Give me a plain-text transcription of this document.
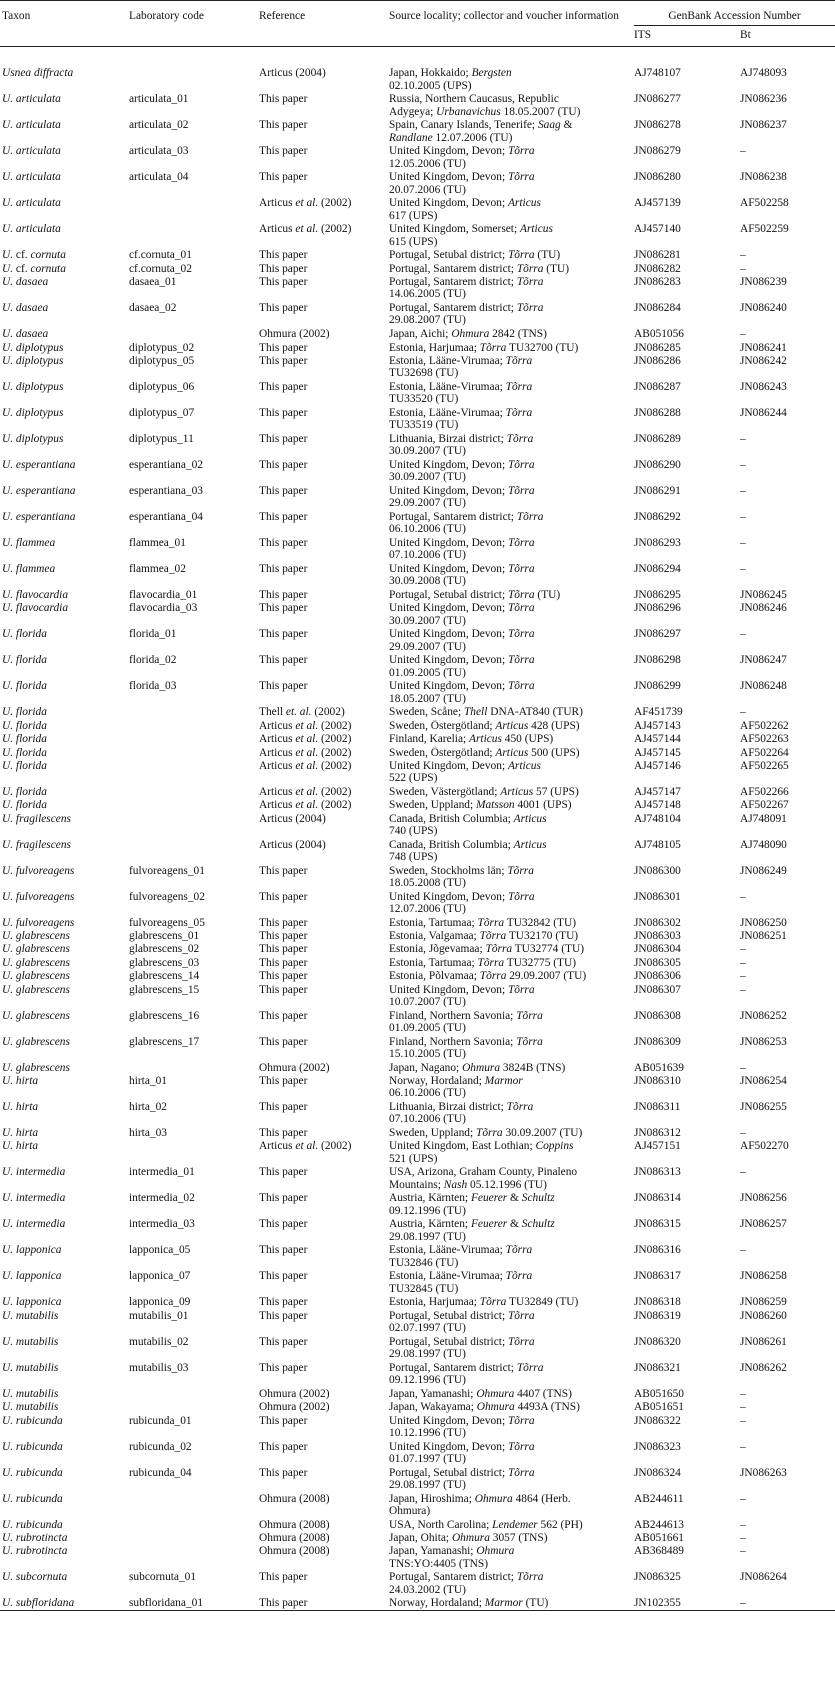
Taxon	Laboratory code	Reference	Source locality; collector and voucher information	GenBank Accession Number	
				ITS	Bt

Usnea diffracta		Articus (2004)	Japan, Hokkaido; Bergsten
02.10.2005 (UPS)	AJ748107	AJ748093
U. articulata	articulata_01	This paper	Russia, Northern Caucasus, Republic
Adygeya; Urbanavichus 18.05.2007 (TU)	JN086277	JN086236
U. articulata	articulata_02	This paper	Spain, Canary Islands, Tenerife; Saag &
Randlane 12.07.2006 (TU)	JN086278	JN086237
U. articulata	articulata_03	This paper	United Kingdom, Devon; Tõrra
12.05.2006 (TU)	JN086279	–
U. articulata	articulata_04	This paper	United Kingdom, Devon; Tõrra
20.07.2006 (TU)	JN086280	JN086238
U. articulata		Articus et al. (2002)	United Kingdom, Devon; Articus
617 (UPS)	AJ457139	AF502258
U. articulata		Articus et al. (2002)	United Kingdom, Somerset; Articus
615 (UPS)	AJ457140	AF502259
U. cf. cornuta	cf.cornuta_01	This paper	Portugal, Setubal district; Tõrra (TU)	JN086281	–
U. cf. cornuta	cf.cornuta_02	This paper	Portugal, Santarem district; Tõrra (TU)	JN086282	–
U. dasaea	dasaea_01	This paper	Portugal, Santarem district; Tõrra
14.06.2005 (TU)	JN086283	JN086239
U. dasaea	dasaea_02	This paper	Portugal, Santarem district; Tõrra
29.08.2007 (TU)	JN086284	JN086240
U. dasaea		Ohmura (2002)	Japan, Aichi; Ohmura 2842 (TNS)	AB051056	–
U. diplotypus	diplotypus_02	This paper	Estonia, Harjumaa; Tõrra TU32700 (TU)	JN086285	JN086241
U. diplotypus	diplotypus_05	This paper	Estonia, Lääne-Virumaa; Tõrra
TU32698 (TU)	JN086286	JN086242
U. diplotypus	diplotypus_06	This paper	Estonia, Lääne-Virumaa; Tõrra
TU33520 (TU)	JN086287	JN086243
U. diplotypus	diplotypus_07	This paper	Estonia, Lääne-Virumaa; Tõrra
TU33519 (TU)	JN086288	JN086244
U. diplotypus	diplotypus_11	This paper	Lithuania, Birzai district; Tõrra
30.09.2007 (TU)	JN086289	–
U. esperantiana	esperantiana_02	This paper	United Kingdom, Devon; Tõrra
30.09.2007 (TU)	JN086290	–
U. esperantiana	esperantiana_03	This paper	United Kingdom, Devon; Tõrra
29.09.2007 (TU)	JN086291	–
U. esperantiana	esperantiana_04	This paper	Portugal, Santarem district; Tõrra
06.10.2006 (TU)	JN086292	–
U. flammea	flammea_01	This paper	United Kingdom, Devon; Tõrra
07.10.2006 (TU)	JN086293	–
U. flammea	flammea_02	This paper	United Kingdom, Devon; Tõrra
30.09.2008 (TU)	JN086294	–
U. flavocardia	flavocardia_01	This paper	Portugal, Setubal district; Tõrra (TU)	JN086295	JN086245
U. flavocardia	flavocardia_03	This paper	United Kingdom, Devon; Tõrra
30.09.2007 (TU)	JN086296	JN086246
U. florida	florida_01	This paper	United Kingdom, Devon; Tõrra
29.09.2007 (TU)	JN086297	–
U. florida	florida_02	This paper	United Kingdom, Devon; Tõrra
01.09.2005 (TU)	JN086298	JN086247
U. florida	florida_03	This paper	United Kingdom, Devon; Tõrra
18.05.2007 (TU)	JN086299	JN086248
U. florida		Thell et. al. (2002)	Sweden, Scåne; Thell DNA-AT840 (TUR)	AF451739	–
U. florida		Articus et al. (2002)	Sweden, Östergötland; Articus 428 (UPS)	AJ457143	AF502262
U. florida		Articus et al. (2002)	Finland, Karelia; Articus 450 (UPS)	AJ457144	AF502263
U. florida		Articus et al. (2002)	Sweden, Östergötland; Articus 500 (UPS)	AJ457145	AF502264
U. florida		Articus et al. (2002)	United Kingdom, Devon; Articus
522 (UPS)	AJ457146	AF502265
U. florida		Articus et al. (2002)	Sweden, Västergötland; Articus 57 (UPS)	AJ457147	AF502266
U. florida		Articus et al. (2002)	Sweden, Uppland; Matsson 4001 (UPS)	AJ457148	AF502267
U. fragilescens		Articus (2004)	Canada, British Columbia; Articus
740 (UPS)	AJ748104	AJ748091
U. fragilescens		Articus (2004)	Canada, British Columbia; Articus
748 (UPS)	AJ748105	AJ748090
U. fulvoreagens	fulvoreagens_01	This paper	Sweden, Stockholms län; Tõrra
18.05.2008 (TU)	JN086300	JN086249
U. fulvoreagens	fulvoreagens_02	This paper	United Kingdom, Devon; Tõrra
12.07.2006 (TU)	JN086301	–
U. fulvoreagens	fulvoreagens_05	This paper	Estonia, Tartumaa; Tõrra TU32842 (TU)	JN086302	JN086250
U. glabrescens	glabrescens_01	This paper	Estonia, Valgamaa; Tõrra TU32170 (TU)	JN086303	JN086251
U. glabrescens	glabrescens_02	This paper	Estonia, Jõgevamaa; Tõrra TU32774 (TU)	JN086304	–
U. glabrescens	glabrescens_03	This paper	Estonia, Tartumaa; Tõrra TU32775 (TU)	JN086305	–
U. glabrescens	glabrescens_14	This paper	Estonia, Põlvamaa; Tõrra 29.09.2007 (TU)	JN086306	–
U. glabrescens	glabrescens_15	This paper	United Kingdom, Devon; Tõrra
10.07.2007 (TU)	JN086307	–
U. glabrescens	glabrescens_16	This paper	Finland, Northern Savonia; Tõrra
01.09.2005 (TU)	JN086308	JN086252
U. glabrescens	glabrescens_17	This paper	Finland, Northern Savonia; Tõrra
15.10.2005 (TU)	JN086309	JN086253
U. glabrescens		Ohmura (2002)	Japan, Nagano; Ohmura 3824B (TNS)	AB051639	–
U. hirta	hirta_01	This paper	Norway, Hordaland; Marmor
06.10.2006 (TU)	JN086310	JN086254
U. hirta	hirta_02	This paper	Lithuania, Birzai district; Tõrra
07.10.2006 (TU)	JN086311	JN086255
U. hirta	hirta_03	This paper	Sweden, Uppland; Tõrra 30.09.2007 (TU)	JN086312	–
U. hirta		Articus et al. (2002)	United Kingdom, East Lothian; Coppins
521 (UPS)	AJ457151	AF502270
U. intermedia	intermedia_01	This paper	USA, Arizona, Graham County, Pinaleno
Mountains; Nash 05.12.1996 (TU)	JN086313	–
U. intermedia	intermedia_02	This paper	Austria, Kärnten; Feuerer & Schultz
09.12.1996 (TU)	JN086314	JN086256
U. intermedia	intermedia_03	This paper	Austria, Kärnten; Feuerer & Schultz
29.08.1997 (TU)	JN086315	JN086257
U. lapponica	lapponica_05	This paper	Estonia, Lääne-Virumaa; Tõrra
TU32846 (TU)	JN086316	–
U. lapponica	lapponica_07	This paper	Estonia, Lääne-Virumaa; Tõrra
TU32845 (TU)	JN086317	JN086258
U. lapponica	lapponica_09	This paper	Estonia, Harjumaa; Tõrra TU32849 (TU)	JN086318	JN086259
U. mutabilis	mutabilis_01	This paper	Portugal, Setubal district; Tõrra
02.07.1997 (TU)	JN086319	JN086260
U. mutabilis	mutabilis_02	This paper	Portugal, Setubal district; Tõrra
29.08.1997 (TU)	JN086320	JN086261
U. mutabilis	mutabilis_03	This paper	Portugal, Santarem district; Tõrra
09.12.1996 (TU)	JN086321	JN086262
U. mutabilis		Ohmura (2002)	Japan, Yamanashi; Ohmura 4407 (TNS)	AB051650	–
U. mutabilis		Ohmura (2002)	Japan, Wakayama; Ohmura 4493A (TNS)	AB051651	–
U. rubicunda	rubicunda_01	This paper	United Kingdom, Devon; Tõrra
10.12.1996 (TU)	JN086322	–
U. rubicunda	rubicunda_02	This paper	United Kingdom, Devon; Tõrra
01.07.1997 (TU)	JN086323	–
U. rubicunda	rubicunda_04	This paper	Portugal, Setubal district; Tõrra
29.08.1997 (TU)	JN086324	JN086263
U. rubicunda		Ohmura (2008)	Japan, Hiroshima; Ohmura 4864 (Herb.
Ohmura)	AB244611	–
U. rubicunda		Ohmura (2008)	USA, North Carolina; Lendemer 562 (PH)	AB244613	–
U. rubrotincta		Ohmura (2008)	Japan, Ohita; Ohmura 3057 (TNS)	AB051661	–
U. rubrotincta		Ohmura (2008)	Japan, Yamanashi; Ohmura
TNS:YO:4405 (TNS)	AB368489	–
U. subcornuta	subcornuta_01	This paper	Portugal, Santarem district; Tõrra
24.03.2002 (TU)	JN086325	JN086264
U. subfloridana	subfloridana_01	This paper	Norway, Hordaland; Marmor (TU)	JN102355	–
